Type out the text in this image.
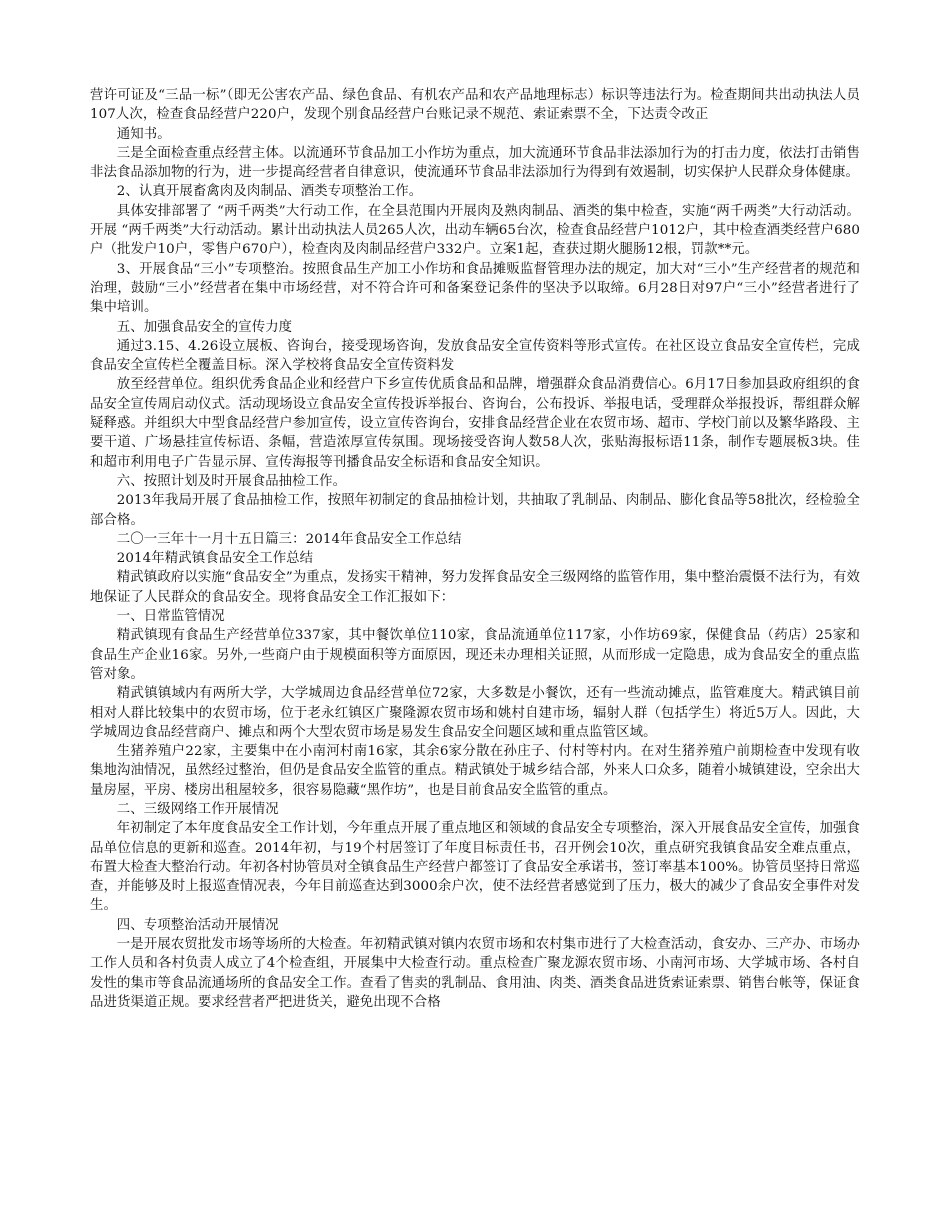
营许可证及“三品一标”（即无公害农产品、绿色食品、有机农产品和农产品地理标志）标识等违法行为。检查期间共出动执法人员107人次，检查食品经营户220户，发现个别食品经营户台账记录不规范、索证索票不全，下达责令改正

通知书。

三是全面检查重点经营主体。以流通环节食品加工小作坊为重点，加大流通环节食品非法添加行为的打击力度，依法打击销售非法食品添加物的行为，进一步提高经营者自律意识，使流通环节食品非法添加行为得到有效遏制，切实保护人民群众身体健康。

2、认真开展畜禽肉及肉制品、酒类专项整治工作。

具体安排部署了 “两千两类”大行动工作，在全县范围内开展肉及熟肉制品、酒类的集中检查，实施“两千两类”大行动活动。开展 “两千两类”大行动活动。累计出动执法人员265人次，出动车辆65台次，检查食品经营户1012户，其中检查酒类经营户680户（批发户10户，零售户670户），检查肉及肉制品经营户332户。立案1起，查获过期火腿肠12根，罚款**元。

3、开展食品“三小”专项整治。按照食品生产加工小作坊和食品摊贩监督管理办法的规定，加大对“三小”生产经营者的规范和治理，鼓励“三小”经营者在集中市场经营，对不符合许可和备案登记条件的坚决予以取缔。6月28日对97户“三小”经营者进行了集中培训。

五、加强食品安全的宣传力度

通过3.15、4.26设立展板、咨询台，接受现场咨询，发放食品安全宣传资料等形式宣传。在社区设立食品安全宣传栏，完成食品安全宣传栏全覆盖目标。深入学校将食品安全宣传资料发

放至经营单位。组织优秀食品企业和经营户下乡宣传优质食品和品牌，增强群众食品消费信心。6月17日参加县政府组织的食品安全宣传周启动仪式。活动现场设立食品安全宣传投诉举报台、咨询台，公布投诉、举报电话，受理群众举报投诉，帮组群众解疑释惑。并组织大中型食品经营户参加宣传，设立宣传咨询台，安排食品经营企业在农贸市场、超市、学校门前以及繁华路段、主要干道、广场悬挂宣传标语、条幅，营造浓厚宣传氛围。现场接受咨询人数58人次，张贴海报标语11条，制作专题展板3块。佳和超市利用电子广告显示屏、宣传海报等刊播食品安全标语和食品安全知识。

六、按照计划及时开展食品抽检工作。

2013年我局开展了食品抽检工作，按照年初制定的食品抽检计划，共抽取了乳制品、肉制品、膨化食品等58批次，经检验全部合格。

二〇一三年十一月十五日篇三：2014年食品安全工作总结

2014年精武镇食品安全工作总结

精武镇政府以实施“食品安全”为重点，发扬实干精神，努力发挥食品安全三级网络的监管作用，集中整治震慑不法行为，有效地保证了人民群众的食品安全。现将食品安全工作汇报如下：

一、日常监管情况

精武镇现有食品生产经营单位337家，其中餐饮单位110家，食品流通单位117家，小作坊69家，保健食品（药店）25家和食品生产企业16家。另外,一些商户由于规模面积等方面原因，现还未办理相关证照，从而形成一定隐患，成为食品安全的重点监管对象。

精武镇镇域内有两所大学，大学城周边食品经营单位72家，大多数是小餐饮，还有一些流动摊点，监管难度大。精武镇目前相对人群比较集中的农贸市场，位于老永红镇区广聚隆源农贸市场和姚村自建市场，辐射人群（包括学生）将近5万人。因此，大学城周边食品经营商户、摊点和两个大型农贸市场是易发生食品安全问题区域和重点监管区域。

生猪养殖户22家，主要集中在小南河村南16家，其余6家分散在孙庄子、付村等村内。在对生猪养殖户前期检查中发现有收集地沟油情况，虽然经过整治，但仍是食品安全监管的重点。精武镇处于城乡结合部，外来人口众多，随着小城镇建设，空余出大量房屋，平房、楼房出租屋较多，很容易隐藏“黑作坊”，也是目前食品安全监管的重点。

二、三级网络工作开展情况

年初制定了本年度食品安全工作计划，今年重点开展了重点地区和领域的食品安全专项整治，深入开展食品安全宣传，加强食品单位信息的更新和巡查。2014年初，与19个村居签订了年度目标责任书，召开例会10次，重点研究我镇食品安全难点重点，布置大检查大整治行动。年初各村协管员对全镇食品生产经营户都签订了食品安全承诺书，签订率基本100%。协管员坚持日常巡查，并能够及时上报巡查情况表，今年目前巡查达到3000余户次，使不法经营者感觉到了压力，极大的减少了食品安全事件对发生。

四、专项整治活动开展情况

一是开展农贸批发市场等场所的大检查。年初精武镇对镇内农贸市场和农村集市进行了大检查活动，食安办、三产办、市场办工作人员和各村负责人成立了4个检查组，开展集中大检查行动。重点检查广聚龙源农贸市场、小南河市场、大学城市场、各村自发性的集市等食品流通场所的食品安全工作。查看了售卖的乳制品、食用油、肉类、酒类食品进货索证索票、销售台帐等，保证食品进货渠道正规。要求经营者严把进货关，避免出现不合格
